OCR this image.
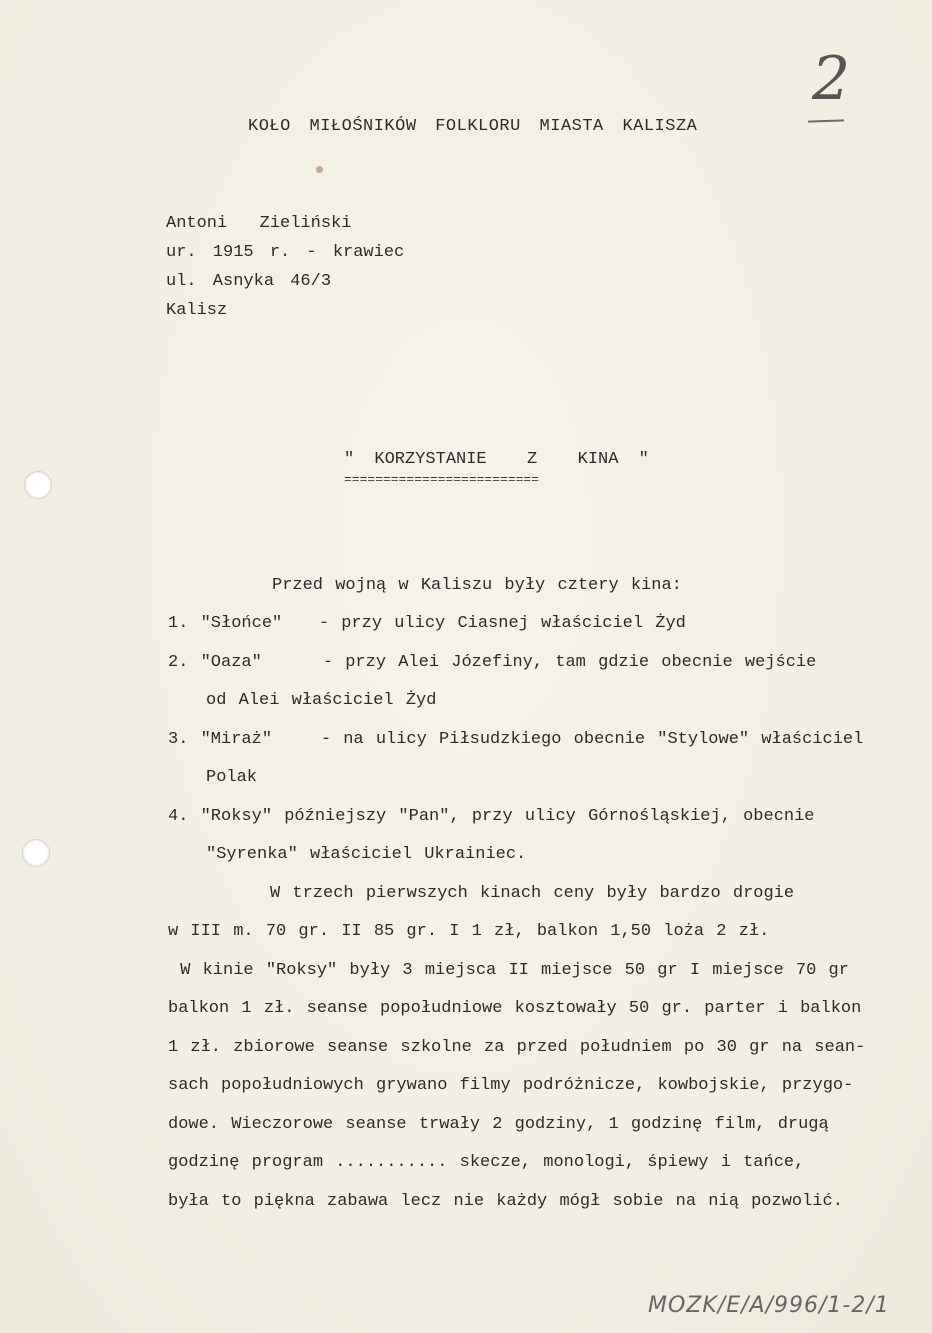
KOŁO MIŁOŚNIKÓW FOLKLORU MIASTA KALISZA
2
Antoni  Zieliński
ur. 1915 r. - krawiec
ul. Asnyka 46/3
Kalisz
" KORZYSTANIE  Z  KINA "
=========================
Przed wojną w Kaliszu były cztery kina:
1. "Słońce"   - przy ulicy Ciasnej właściciel Żyd
2. "Oaza"     - przy Alei Józefiny, tam gdzie obecnie wejście
od Alei właściciel Żyd
3. "Miraż"    - na ulicy Piłsudzkiego obecnie "Stylowe" właściciel
Polak
4. "Roksy" późniejszy "Pan", przy ulicy Górnośląskiej, obecnie
"Syrenka" właściciel Ukrainiec.
W trzech pierwszych kinach ceny były bardzo drogie
w III m. 70 gr. II 85 gr. I 1 zł, balkon 1,50 loża 2 zł.
W kinie "Roksy" były 3 miejsca II miejsce 50 gr I miejsce 70 gr
balkon 1 zł. seanse popołudniowe kosztowały 50 gr. parter i balkon
1 zł. zbiorowe seanse szkolne za przed południem po 30 gr na sean-
sach popołudniowych grywano filmy podróżnicze, kowbojskie, przygo-
dowe. Wieczorowe seanse trwały 2 godziny, 1 godzinę film, drugą
godzinę program ........... skecze, monologi, śpiewy i tańce,
była to piękna zabawa lecz nie każdy mógł sobie na nią pozwolić.
MOZK/E/A/996/1-2/1
